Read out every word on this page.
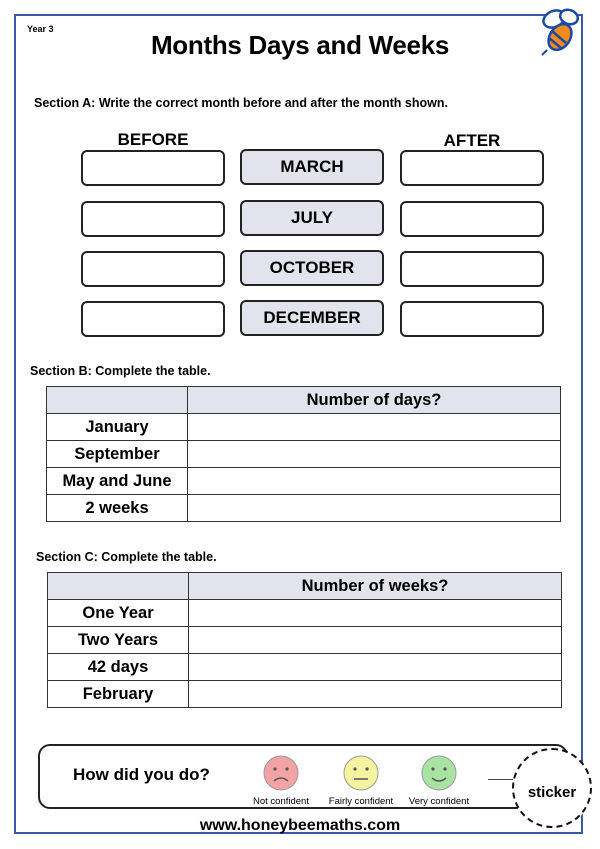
Year 3
Months Days and Weeks
Section A: Write the correct month before and after the month shown.
BEFORE	AFTER
MARCH
JULY
OCTOBER
DECEMBER
Section B: Complete the table.
	Number of days?
January	
September	
May and June	
2 weeks	
Section C: Complete the table.
	Number of weeks?
One Year	
Two Years	
42 days	
February	
How did you do?
Not confident	Fairly confident	Very confident
sticker
www.honeybeemaths.com
